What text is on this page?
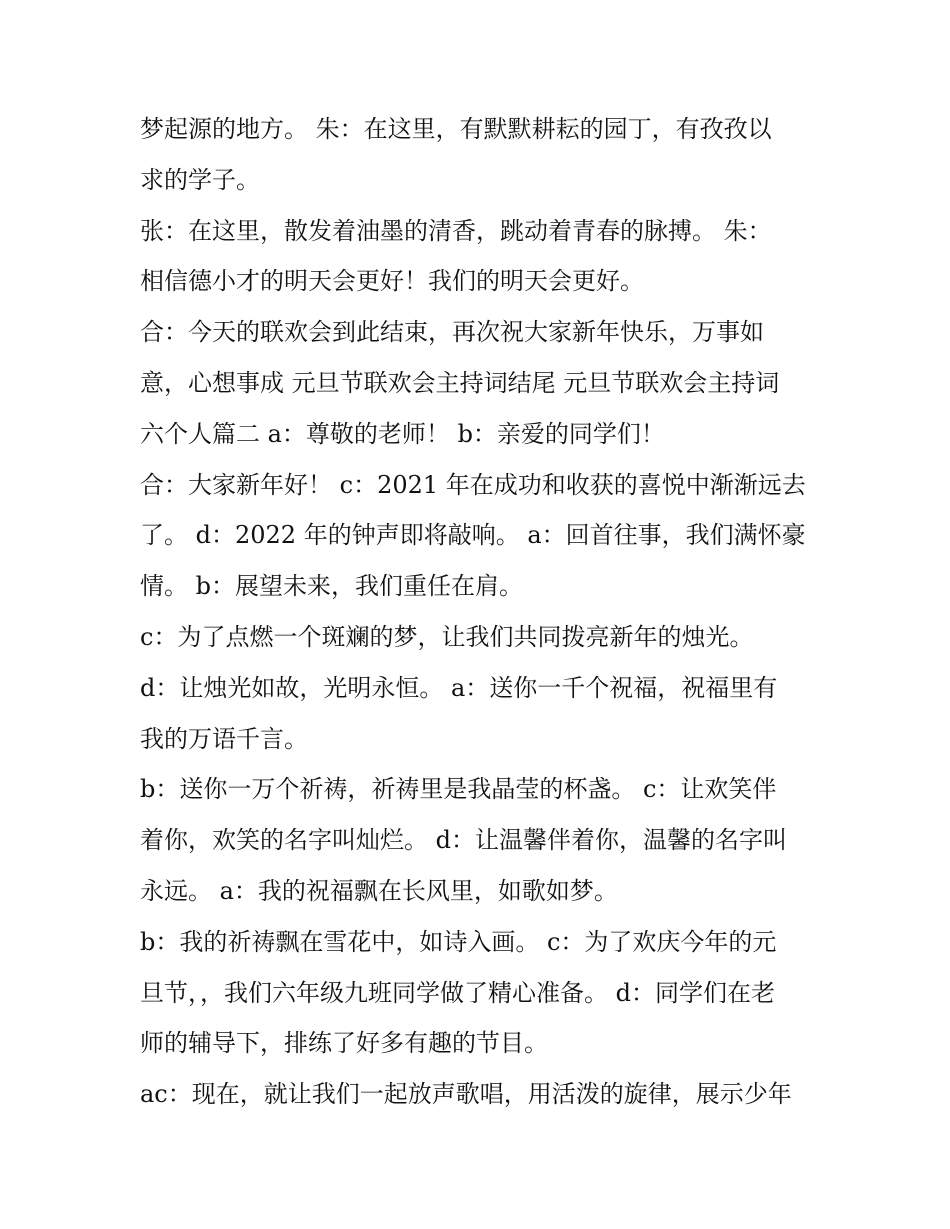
梦起源的地方。 朱：在这里，有默默耕耘的园丁，有孜孜以
求的学子。
张：在这里，散发着油墨的清香，跳动着青春的脉搏。 朱：
相信德小才的明天会更好！我们的明天会更好。
合：今天的联欢会到此结束，再次祝大家新年快乐，万事如
意，心想事成 元旦节联欢会主持词结尾 元旦节联欢会主持词
六个人篇二 a：尊敬的老师！ b：亲爱的同学们！
合：大家新年好！ c：2021 年在成功和收获的喜悦中渐渐远去
了。 d：2022 年的钟声即将敲响。 a：回首往事，我们满怀豪
情。 b：展望未来，我们重任在肩。
c：为了点燃一个斑斓的梦，让我们共同拨亮新年的烛光。
d：让烛光如故，光明永恒。 a：送你一千个祝福，祝福里有
我的万语千言。
b：送你一万个祈祷，祈祷里是我晶莹的杯盏。 c：让欢笑伴
着你，欢笑的名字叫灿烂。 d：让温馨伴着你，温馨的名字叫
永远。 a：我的祝福飘在长风里，如歌如梦。
b：我的祈祷飘在雪花中，如诗入画。 c：为了欢庆今年的元
旦节，，我们六年级九班同学做了精心准备。 d：同学们在老
师的辅导下，排练了好多有趣的节目。
ac：现在，就让我们一起放声歌唱，用活泼的旋律，展示少年
